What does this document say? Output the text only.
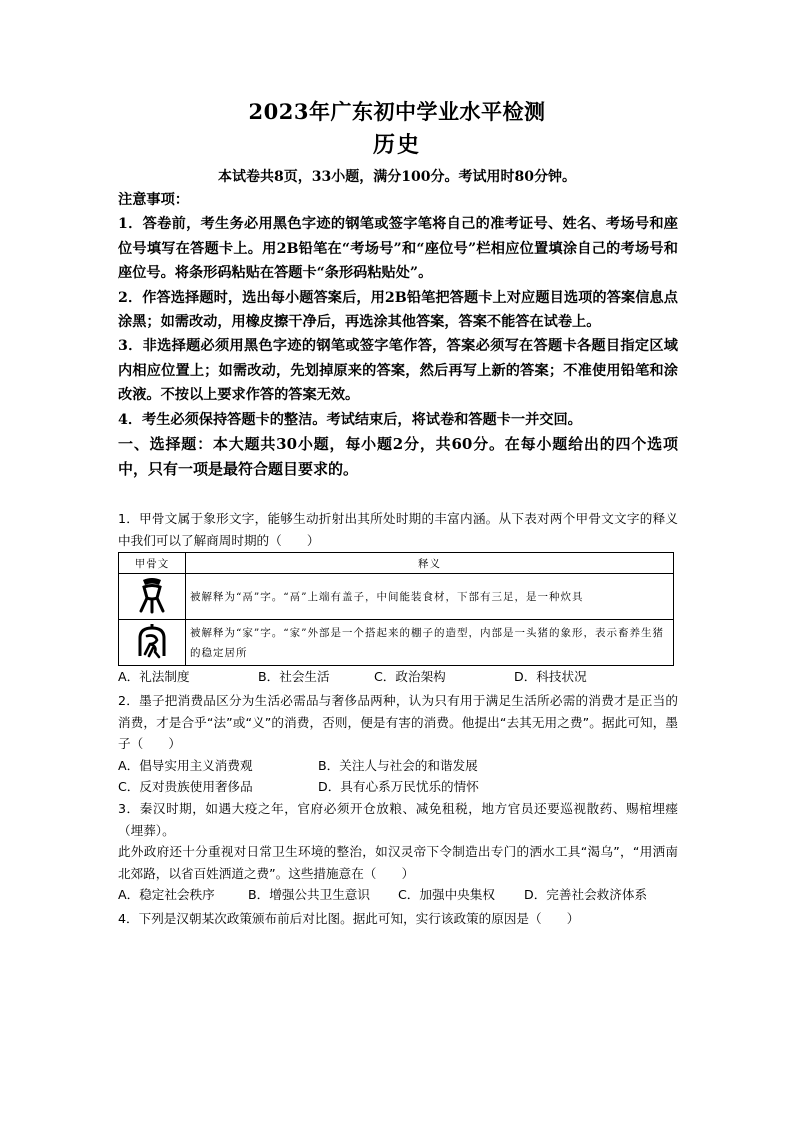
2023年广东初中学业水平检测
历史
本试卷共8页，33小题，满分100分。考试用时80分钟。

注意事项：

1．答卷前，考生务必用黑色字迹的钢笔或签字笔将自己的准考证号、姓名、考场号和座位号填写在答题卡上。用2B铅笔在“考场号”和“座位号”栏相应位置填涂自己的考场号和座位号。将条形码粘贴在答题卡“条形码粘贴处”。

2．作答选择题时，选出每小题答案后，用2B铅笔把答题卡上对应题目选项的答案信息点涂黑；如需改动，用橡皮擦干净后，再选涂其他答案，答案不能答在试卷上。

3．非选择题必须用黑色字迹的钢笔或签字笔作答，答案必须写在答题卡各题目指定区域内相应位置上；如需改动，先划掉原来的答案，然后再写上新的答案；不准使用铅笔和涂改液。不按以上要求作答的答案无效。

4．考生必须保持答题卡的整洁。考试结束后，将试卷和答题卡一并交回。

一、选择题：本大题共30小题，每小题2分，共60分。在每小题给出的四个选项中，只有一项是最符合题目要求的。

1．甲骨文属于象形文字，能够生动折射出其所处时期的丰富内涵。从下表对两个甲骨文文字的释义中我们可以了解商周时期的（　　）

甲骨文	释义
	被解释为“鬲”字。“鬲”上端有盖子，中间能装食材，下部有三足，是一种炊具
	被解释为“家”字。“家”外部是一个搭起来的棚子的造型，内部是一头猪的象形，表示畜养生猪的稳定居所
A．礼法制度	B．社会生活	C．政治架构	D．科技状况

2．墨子把消费品区分为生活必需品与奢侈品两种，认为只有用于满足生活所必需的消费才是正当的消费，才是合乎“法”或“义”的消费，否则，便是有害的消费。他提出“去其无用之费”。据此可知，墨子（　　）

A．倡导实用主义消费观	B．关注人与社会的和谐发展
C．反对贵族使用奢侈品	D．具有心系万民忧乐的情怀

3．秦汉时期，如遇大疫之年，官府必须开仓放粮、减免租税，地方官员还要巡视散药、赐棺埋瘗（埋葬）。

此外政府还十分重视对日常卫生环境的整治，如汉灵帝下令制造出专门的洒水工具“渴乌”，“用洒南北郊路，以省百姓洒道之费”。这些措施意在（　　）

A．稳定社会秩序	B．增强公共卫生意识	C．加强中央集权	D．完善社会救济体系

4．下列是汉朝某次政策颁布前后对比图。据此可知，实行该政策的原因是（　　）
